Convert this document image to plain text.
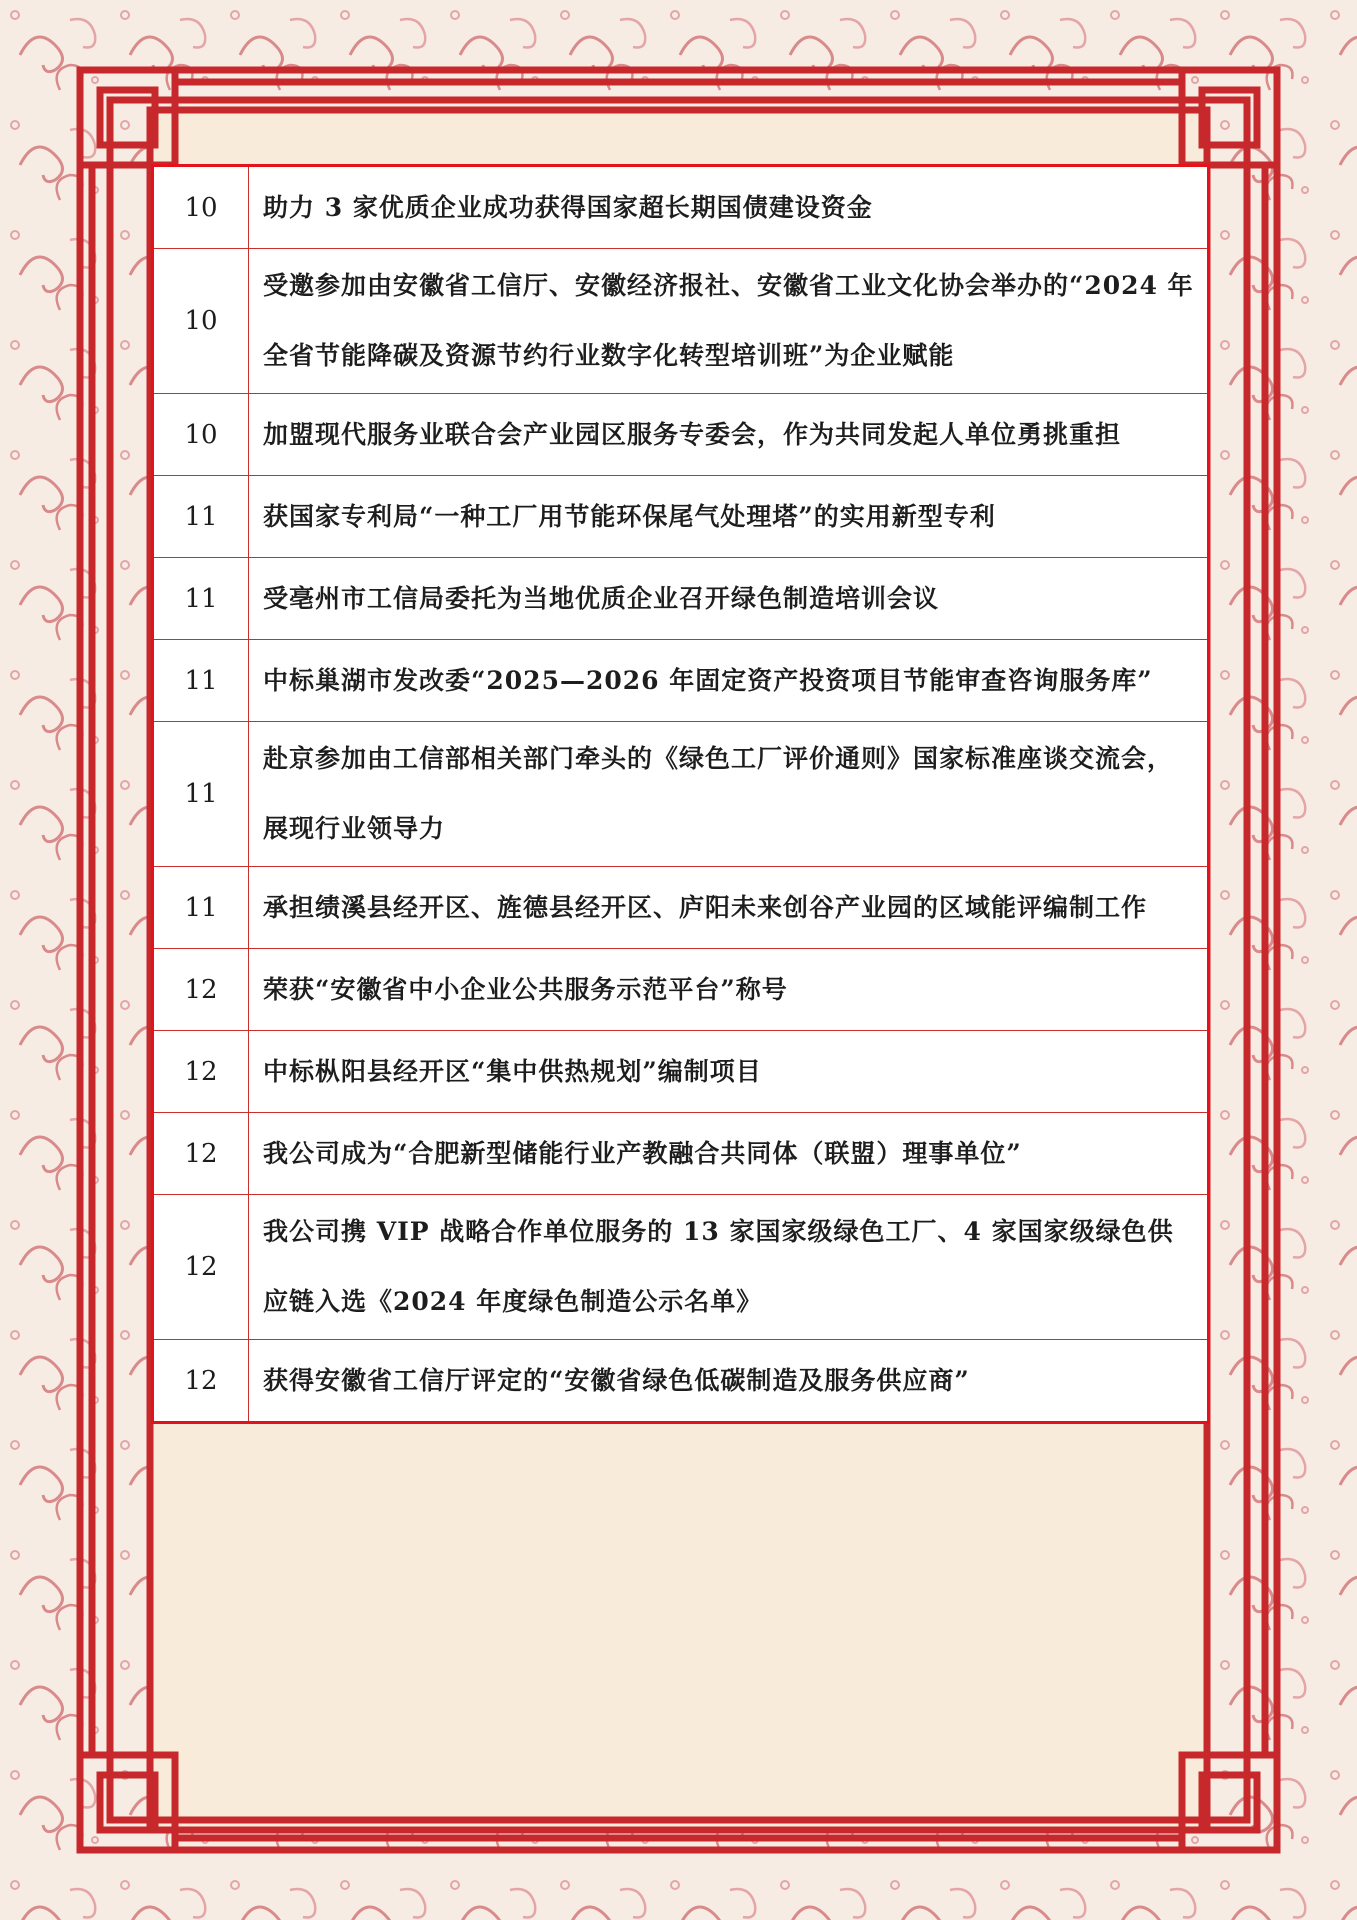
10	助力 3 家优质企业成功获得国家超长期国债建设资金
10	受邀参加由安徽省工信厅、安徽经济报社、安徽省工业文化协会举办的“2024 年全省节能降碳及资源节约行业数字化转型培训班”为企业赋能
10	加盟现代服务业联合会产业园区服务专委会，作为共同发起人单位勇挑重担
11	获国家专利局“一种工厂用节能环保尾气处理塔”的实用新型专利
11	受亳州市工信局委托为当地优质企业召开绿色制造培训会议
11	中标巢湖市发改委“2025—2026 年固定资产投资项目节能审查咨询服务库”
11	赴京参加由工信部相关部门牵头的《绿色工厂评价通则》国家标准座谈交流会，展现行业领导力
11	承担绩溪县经开区、旌德县经开区、庐阳未来创谷产业园的区域能评编制工作
12	荣获“安徽省中小企业公共服务示范平台”称号
12	中标枞阳县经开区“集中供热规划”编制项目
12	我公司成为“合肥新型储能行业产教融合共同体（联盟）理事单位”
12	我公司携 VIP 战略合作单位服务的 13 家国家级绿色工厂、4 家国家级绿色供应链入选《2024 年度绿色制造公示名单》
12	获得安徽省工信厅评定的“安徽省绿色低碳制造及服务供应商”
